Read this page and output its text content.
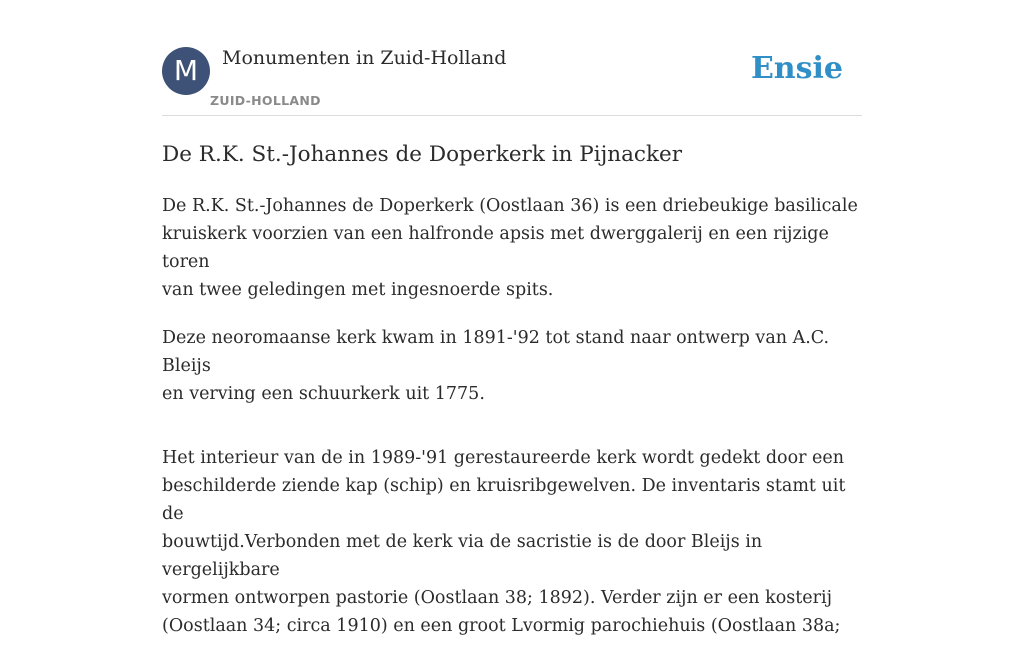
M	Monumenten in Zuid-Holland
ZUID-HOLLAND
Ensie
De R.K. St.-Johannes de Doperkerk in Pijnacker

De R.K. St.-Johannes de Doperkerk (Oostlaan 36) is een driebeukige basilicale
kruiskerk voorzien van een halfronde apsis met dwerggalerij en een rijzige toren
van twee geledingen met ingesnoerde spits.

Deze neoromaanse kerk kwam in 1891-'92 tot stand naar ontwerp van A.C. Bleijs
en verving een schuurkerk uit 1775.

Het interieur van de in 1989-'91 gerestaureerde kerk wordt gedekt door een
beschilderde ziende kap (schip) en kruisribgewelven. De inventaris stamt uit de
bouwtijd.Verbonden met de kerk via de sacristie is de door Bleijs in vergelijkbare
vormen ontworpen pastorie (Oostlaan 38; 1892). Verder zijn er een kosterij
(Oostlaan 34; circa 1910) en een groot Lvormig parochiehuis (Oostlaan 38a;
